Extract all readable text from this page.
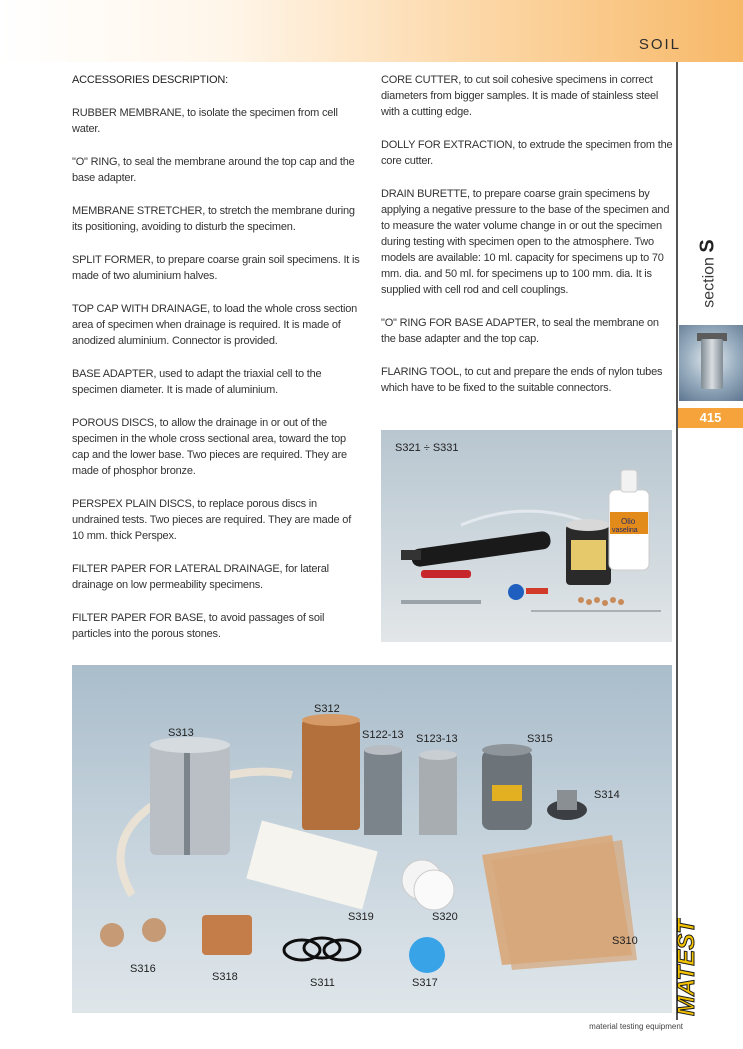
SOIL
section S
415

ACCESSORIES DESCRIPTION:

RUBBER MEMBRANE, to isolate the specimen from cell water.

"O" RING, to seal the membrane around the top cap and the base adapter.

MEMBRANE STRETCHER, to stretch the membrane during its positioning, avoiding to disturb the specimen.

SPLIT FORMER, to prepare coarse grain soil specimens. It is made of two aluminium halves.

TOP CAP WITH DRAINAGE, to load the whole cross section area of specimen when drainage is required. It is made of anodized aluminium. Connector is provided.

BASE ADAPTER, used to adapt the triaxial cell to the specimen diameter. It is made of aluminium.

POROUS DISCS, to allow the drainage in or out of the specimen in the whole cross sectional area, toward the top cap and the lower base. Two pieces are required. They are made of phosphor bronze.

PERSPEX PLAIN DISCS, to replace porous discs in undrained tests. Two pieces are required. They are made of 10 mm. thick Perspex.

FILTER PAPER FOR LATERAL DRAINAGE, for lateral drainage on low permeability specimens.

FILTER PAPER FOR BASE, to avoid passages of soil particles into the porous stones.

CORE CUTTER, to cut soil cohesive specimens in correct diameters from bigger samples. It is made of stainless steel with a cutting edge.

DOLLY FOR EXTRACTION, to extrude the specimen from the core cutter.

DRAIN BURETTE, to prepare coarse grain specimens by applying a negative pressure to the base of the specimen and to measure the water volume change in or out the specimen during testing with specimen open to the atmosphere. Two models are available: 10 ml. capacity for specimens up to 70 mm. dia. and 50 ml. for specimens up to 100 mm. dia. It is supplied with cell rod and cell couplings.

"O" RING FOR BASE ADAPTER, to seal the membrane on the base adapter and the top cap.

FLARING TOOL, to cut and prepare the ends of nylon tubes which have to be fixed to the suitable connectors.

S321 ÷ S331
Olio
vaselina
S313
S312
S122-13 S123-13	S315
S314
S319	S320
S310
S316
S318	S311	S317	MATEST
material testing equipment
